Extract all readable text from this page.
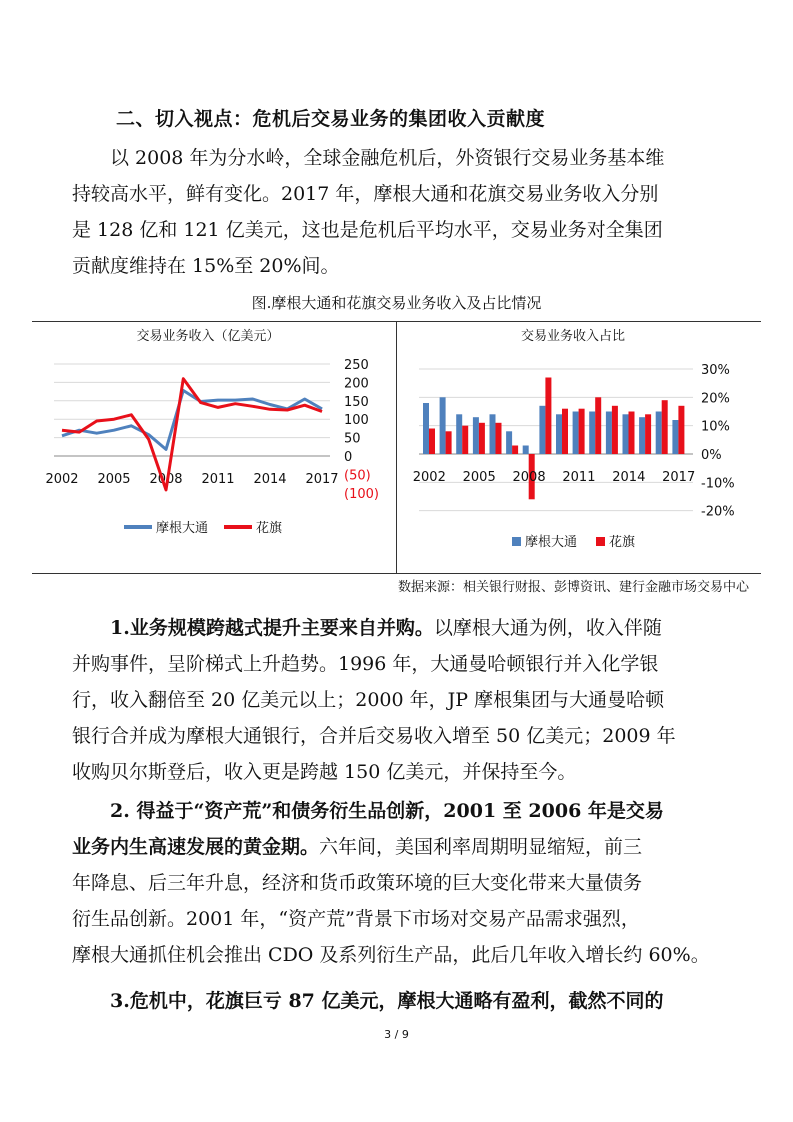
二、切入视点：危机后交易业务的集团收入贡献度
以 2008 年为分水岭，全球金融危机后，外资银行交易业务基本维
持较高水平，鲜有变化。2017 年，摩根大通和花旗交易业务收入分别
是 128 亿和 121 亿美元，这也是危机后平均水平，交易业务对全集团
贡献度维持在 15%至 20%间。
图.摩根大通和花旗交易业务收入及占比情况
交易业务收入（亿美元）
250
200
150
100
50
0
(50)
(100)
2002 2005 2008 2011 2014 2017
摩根大通	花旗
交易业务收入占比
30%
20%
10%
0%
-10%
-20%
2002 2005 2008 2011 2014 2017
摩根大通 花旗
数据来源：相关银行财报、彭博资讯、建行金融市场交易中心
1.业务规模跨越式提升主要来自并购。以摩根大通为例，收入伴随
并购事件，呈阶梯式上升趋势。1996 年，大通曼哈顿银行并入化学银
行，收入翻倍至 20 亿美元以上；2000 年，JP 摩根集团与大通曼哈顿
银行合并成为摩根大通银行，合并后交易收入增至 50 亿美元；2009 年
收购贝尔斯登后，收入更是跨越 150 亿美元，并保持至今。
2. 得益于“资产荒”和债务衍生品创新，2001 至 2006 年是交易
业务内生高速发展的黄金期。六年间，美国利率周期明显缩短，前三
年降息、后三年升息，经济和货币政策环境的巨大变化带来大量债务
衍生品创新。2001 年，“资产荒”背景下市场对交易产品需求强烈，
摩根大通抓住机会推出 CDO 及系列衍生产品，此后几年收入增长约 60%。
3.危机中，花旗巨亏 87 亿美元，摩根大通略有盈利，截然不同的
3 / 9
